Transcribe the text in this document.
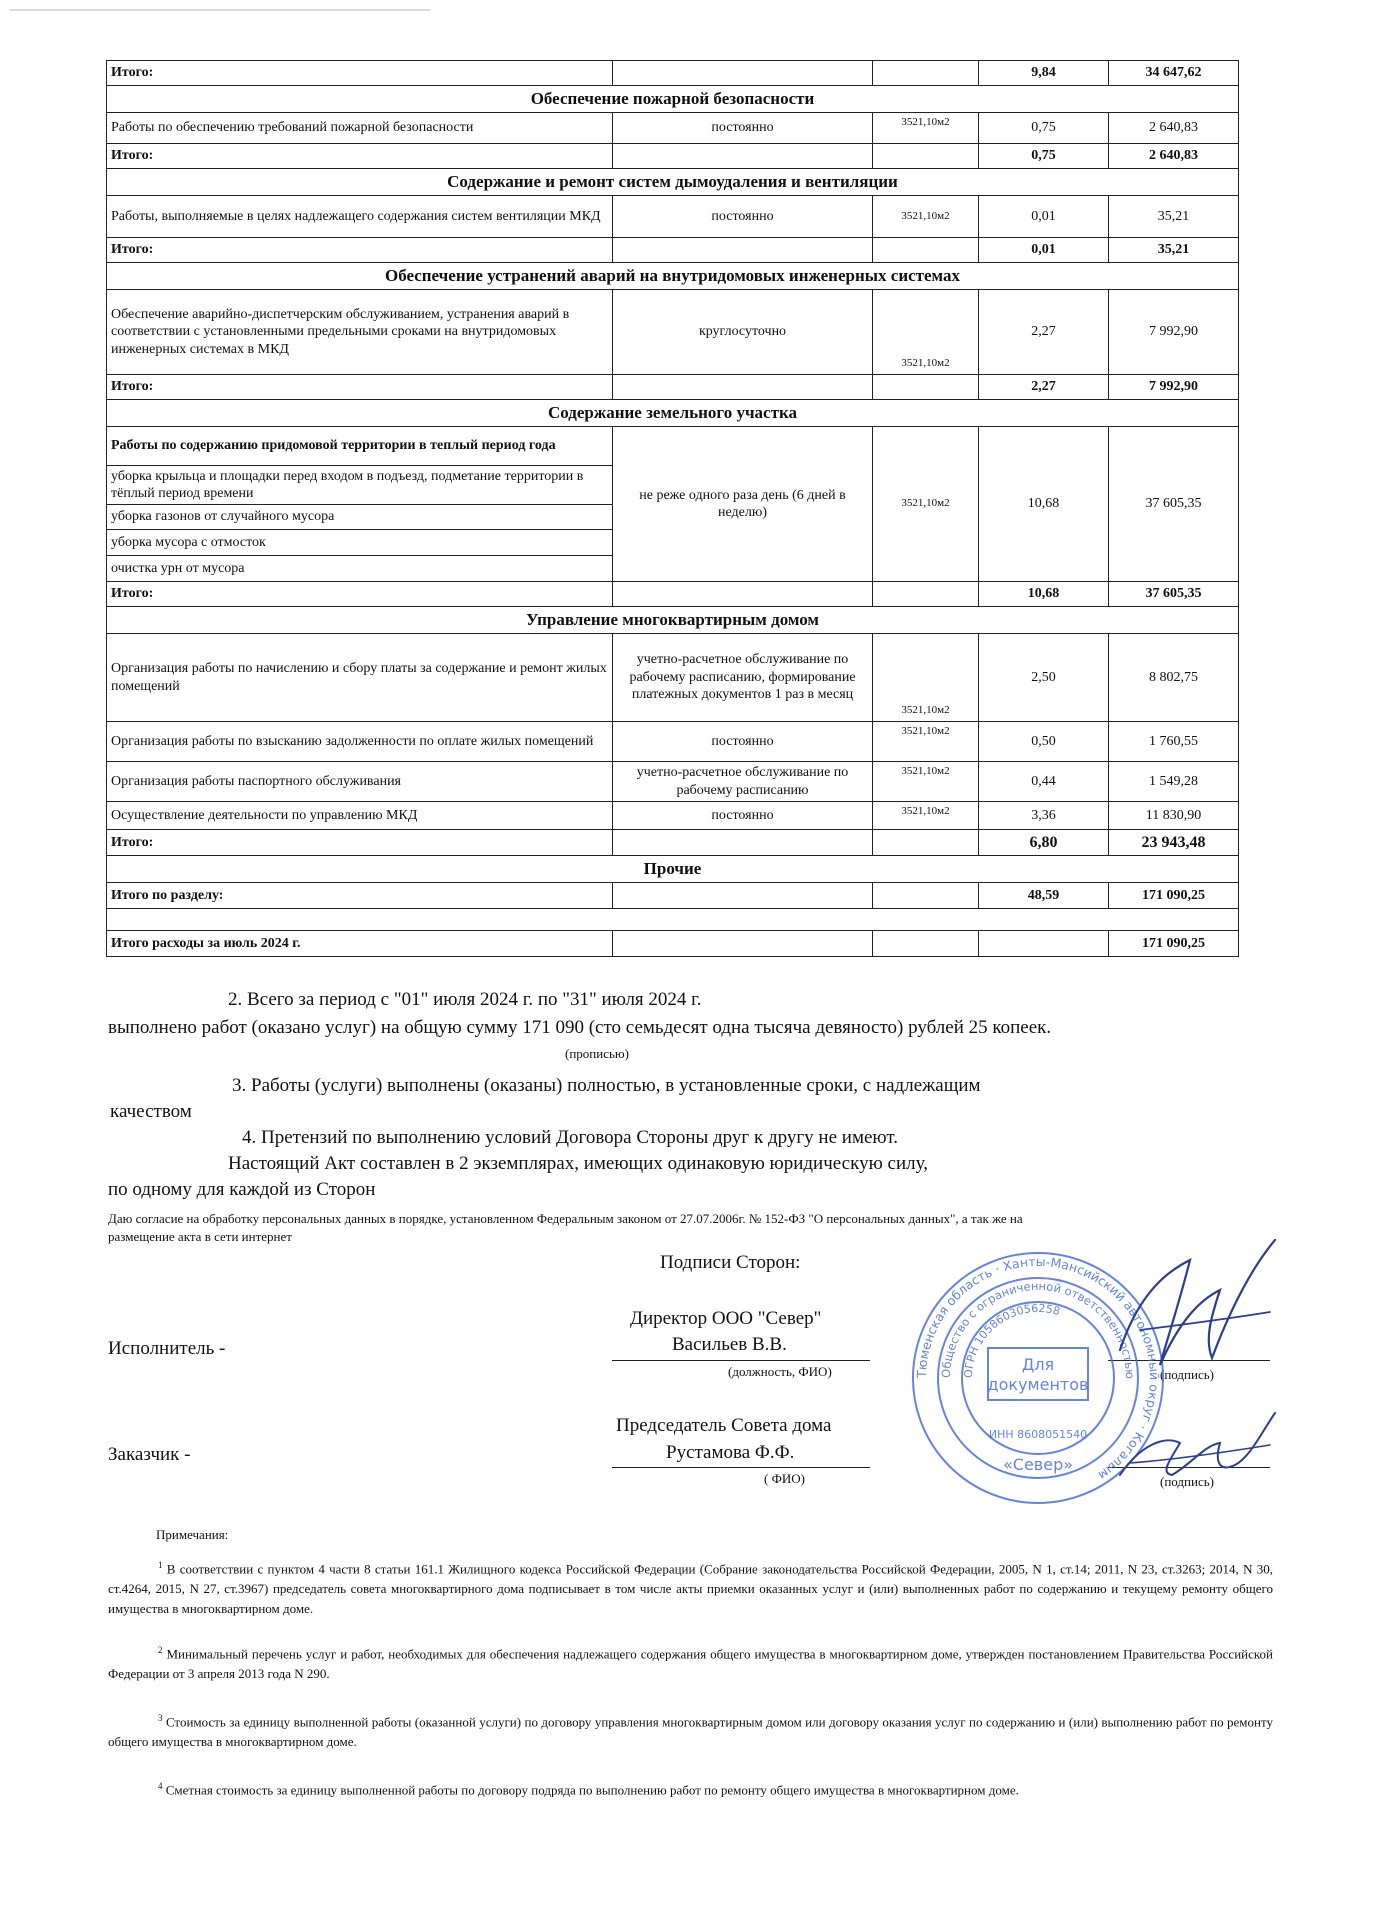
Итого:			9,84	34 647,62
Обеспечение пожарной безопасности				
Работы по обеспечению требований пожарной безопасности	постоянно	3521,10м2	0,75	2 640,83
Итого:			0,75	2 640,83
Содержание и ремонт систем дымоудаления и вентиляции				
Работы, выполняемые в целях надлежащего содержания систем вентиляции МКД	постоянно	3521,10м2	0,01	35,21
Итого:			0,01	35,21
Обеспечение устранений аварий на внутридомовых инженерных системах				
Обеспечение аварийно-диспетчерским обслуживанием, устранения аварий в соответствии с установленными предельными сроками на внутридомовых инженерных системах в МКД	круглосуточно	3521,10м2	2,27	7 992,90
Итого:			2,27	7 992,90
Содержание земельного участка				
Работы по содержанию придомовой территории в теплый период года	не реже одного раза день (6 дней в неделю)	3521,10м2	10,68	37 605,35
уборка крыльца и площадки перед входом в подъезд, подметание территории в тёплый период времени				
уборка газонов от случайного мусора				
уборка мусора с отмосток				
очистка урн от мусора				
Итого:			10,68	37 605,35
Управление многоквартирным домом				
Организация работы по начислению и сбору платы за содержание и ремонт жилых помещений	учетно-расчетное обслуживание по рабочему расписанию, формирование платежных документов 1 раз в месяц	3521,10м2	2,50	8 802,75
Организация работы по взысканию задолженности по оплате жилых помещений	постоянно	3521,10м2	0,50	1 760,55
Организация работы паспортного обслуживания	учетно-расчетное обслуживание по рабочему расписанию	3521,10м2	0,44	1 549,28
Осуществление деятельности по управлению МКД	постоянно	3521,10м2	3,36	11 830,90
Итого:			6,80	23 943,48
Прочие				
Итого по разделу:			48,59	171 090,25

Итого расходы за июль 2024 г.				171 090,25
2. Всего за период с "01" июля 2024 г. по "31" июля 2024 г.
выполнено работ (оказано услуг) на общую сумму 171 090 (сто семьдесят одна тысяча девяносто) рублей 25 копеек.
(прописью)
3. Работы (услуги) выполнены (оказаны) полностью, в установленные сроки, с надлежащим
качеством
4. Претензий по выполнению условий Договора Стороны друг к другу не имеют.
Настоящий Акт составлен в 2 экземплярах, имеющих одинаковую юридическую силу,
по одному для каждой из Сторон
Даю согласие на обработку персональных данных в порядке, установленном Федеральным законом от 27.07.2006г. № 152-ФЗ "О персональных данных", а так же на
размещение акта в сети интернет
Подписи Сторон:
Исполнитель -
Директор ООО "Север"
Васильев В.В.
(должность, ФИО)	(подпись)
Заказчик -
Председатель Совета дома
Рустамова Ф.Ф.
( ФИО)	(подпись)
Тюменская область · Ханты-Мансийский автономный округ · Когалым
Общество с ограниченной ответственностью
ОГРН 1058603056258
Для
документов
ИНН 8608051540
«Север»
Примечания:
$^1$ В соответствии с пунктом 4 части 8 статьи 161.1 Жилищного кодекса Российской Федерации (Собрание законодательства Российской Федерации, 2005, N 1, ст.14; 2011, N 23, ст.3263; 2014, N 30, ст.4264, 2015, N 27, ст.3967) председатель совета многоквартирного дома подписывает в том числе акты приемки оказанных услуг и (или) выполненных работ по содержанию и текущему ремонту общего имущества в многоквартирном доме.
$^2$ Минимальный перечень услуг и работ, необходимых для обеспечения надлежащего содержания общего имущества в многоквартирном доме, утвержден постановлением Правительства Российской Федерации от 3 апреля 2013 года N 290.
$^3$ Стоимость за единицу выполненной работы (оказанной услуги) по договору управления многоквартирным домом или договору оказания услуг по содержанию и (или) выполнению работ по ремонту общего имущества в многоквартирном доме.
$^4$ Сметная стоимость за единицу выполненной работы по договору подряда по выполнению работ по ремонту общего имущества в многоквартирном доме.
